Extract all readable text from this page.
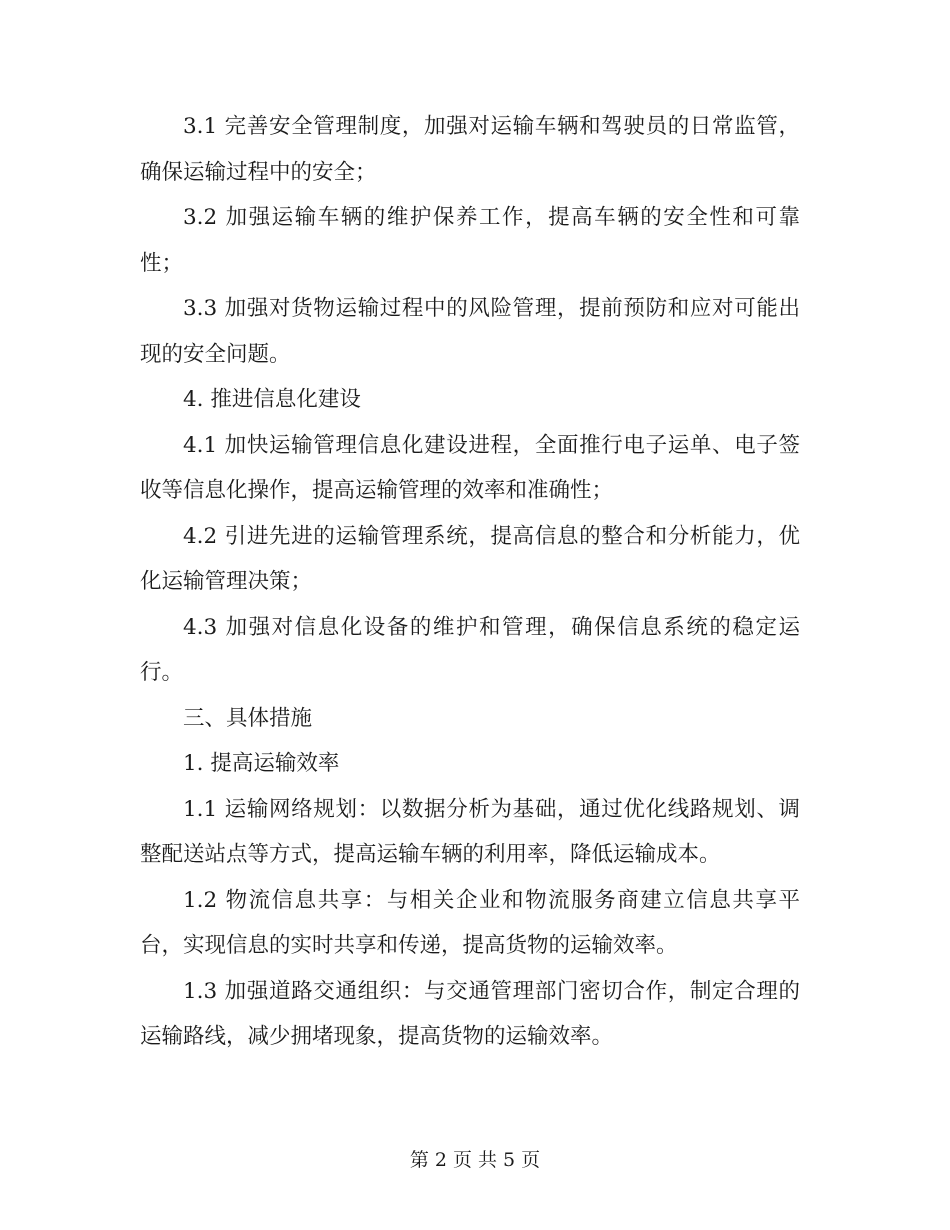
3.1 完善安全管理制度，加强对运输车辆和驾驶员的日常监管，确保运输过程中的安全；

3.2 加强运输车辆的维护保养工作，提高车辆的安全性和可靠性；

3.3 加强对货物运输过程中的风险管理，提前预防和应对可能出现的安全问题。

4. 推进信息化建设

4.1 加快运输管理信息化建设进程，全面推行电子运单、电子签收等信息化操作，提高运输管理的效率和准确性；

4.2 引进先进的运输管理系统，提高信息的整合和分析能力，优化运输管理决策；

4.3 加强对信息化设备的维护和管理，确保信息系统的稳定运行。

三、具体措施

1. 提高运输效率

1.1 运输网络规划：以数据分析为基础，通过优化线路规划、调整配送站点等方式，提高运输车辆的利用率，降低运输成本。

1.2 物流信息共享：与相关企业和物流服务商建立信息共享平台，实现信息的实时共享和传递，提高货物的运输效率。

1.3 加强道路交通组织：与交通管理部门密切合作，制定合理的运输路线，减少拥堵现象，提高货物的运输效率。

第 2 页 共 5 页
